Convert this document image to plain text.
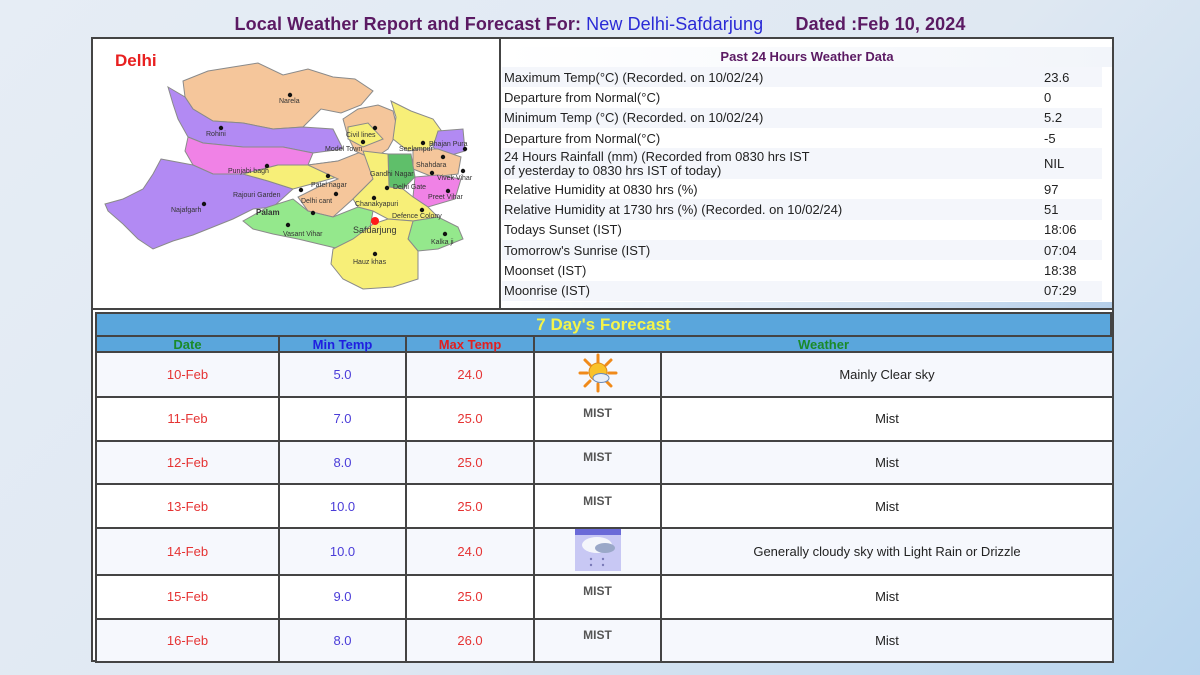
Local Weather Report and Forecast For: New Delhi-Safdarjung Dated :Feb 10, 2024
Narela
Rohini
Model Town
Civil lines
Seelampur
Bhajan Pura
Shahdara
Vivek Vihar
Punjabi bagh
Patel nagar
Rajouri Garden
Gandhi Nagar
Delhi Gate
Preet Vihar
Najafgarh
Delhi cant	Chanakyapuri
Defence Colony
Palam
Vasant Vihar	Safdarjung
Kalka ji
Hauz khas
Delhi	Past 24 Hours Weather Data
Maximum Temp(°C) (Recorded. on 10/02/24)	23.6
Departure from Normal(°C)	0
Minimum Temp (°C) (Recorded. on 10/02/24)	5.2
Departure from Normal(°C)	-5
24 Hours Rainfall (mm) (Recorded from 0830 hrs IST
of yesterday to 0830 hrs IST of today)	NIL
Relative Humidity at 0830 hrs (%)	97
Relative Humidity at 1730 hrs (%) (Recorded. on 10/02/24)	51
Todays Sunset (IST)	18:06
Tomorrow's Sunrise (IST)	07:04
Moonset (IST)	18:38
Moonrise (IST)	07:29
7 Day's Forecast
Date	Min Temp	Max Temp	Weather	
10-Feb	5.0	24.0		Mainly Clear sky
11-Feb	7.0	25.0	MIST	Mist
12-Feb	8.0	25.0	MIST	Mist
13-Feb	10.0	25.0	MIST	Mist
14-Feb	10.0	24.0		Generally cloudy sky with Light Rain or Drizzle
15-Feb	9.0	25.0	MIST	Mist
16-Feb	8.0	26.0	MIST	Mist
